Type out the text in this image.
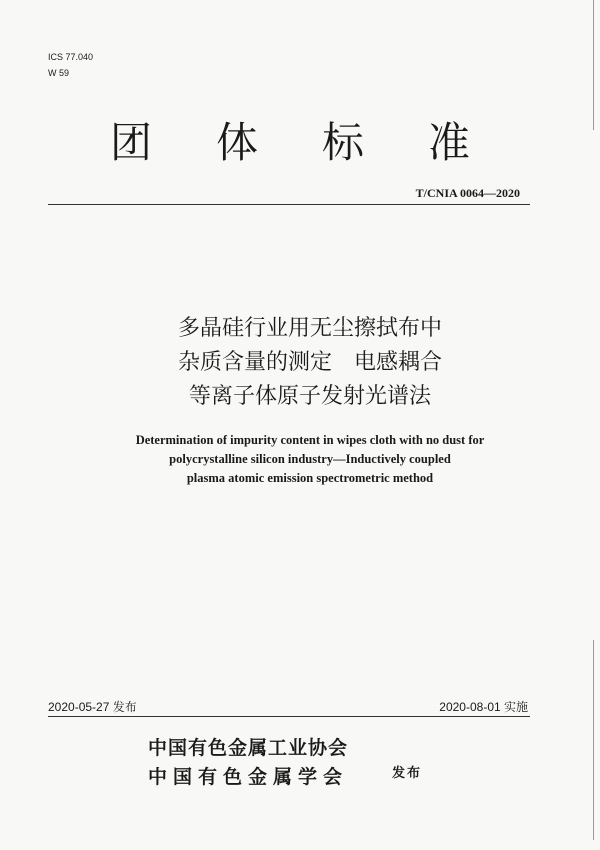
ICS 77.040
W 59
团 体 标 准
T/CNIA 0064—2020
多晶硅行业用无尘擦拭布中
杂质含量的测定　电感耦合
等离子体原子发射光谱法
Determination of impurity content in wipes cloth with no dust for
polycrystalline silicon industry—Inductively coupled
plasma atomic emission spectrometric method
2020-05-27 发布	2020-08-01 实施
中国有色金属工业协会
中国有色金属学会	发布
